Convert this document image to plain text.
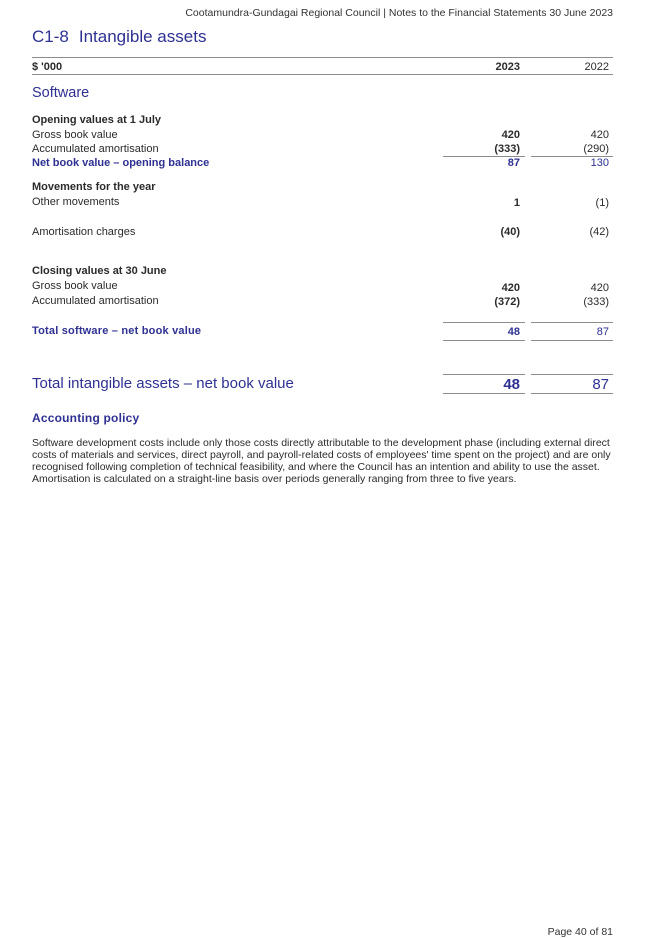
Cootamundra-Gundagai Regional Council | Notes to the Financial Statements 30 June 2023
C1-8 Intangible assets
$ '000	2023	2022
Software
Opening values at 1 July
Gross book value	420	420
Accumulated amortisation	(333)	(290)
Net book value – opening balance	87	130
Movements for the year
Other movements	1	(1)
Amortisation charges	(40)	(42)
Closing values at 30 June
Gross book value	420	420
Accumulated amortisation	(372)	(333)
Total software – net book value	48	87
Total intangible assets – net book value	48	87
Accounting policy
Software development costs include only those costs directly attributable to the development phase (including external direct costs of materials and services, direct payroll, and payroll-related costs of employees' time spent on the project) and are only recognised following completion of technical feasibility, and where the Council has an intention and ability to use the asset. Amortisation is calculated on a straight-line basis over periods generally ranging from three to five years.
Page 40 of 81
